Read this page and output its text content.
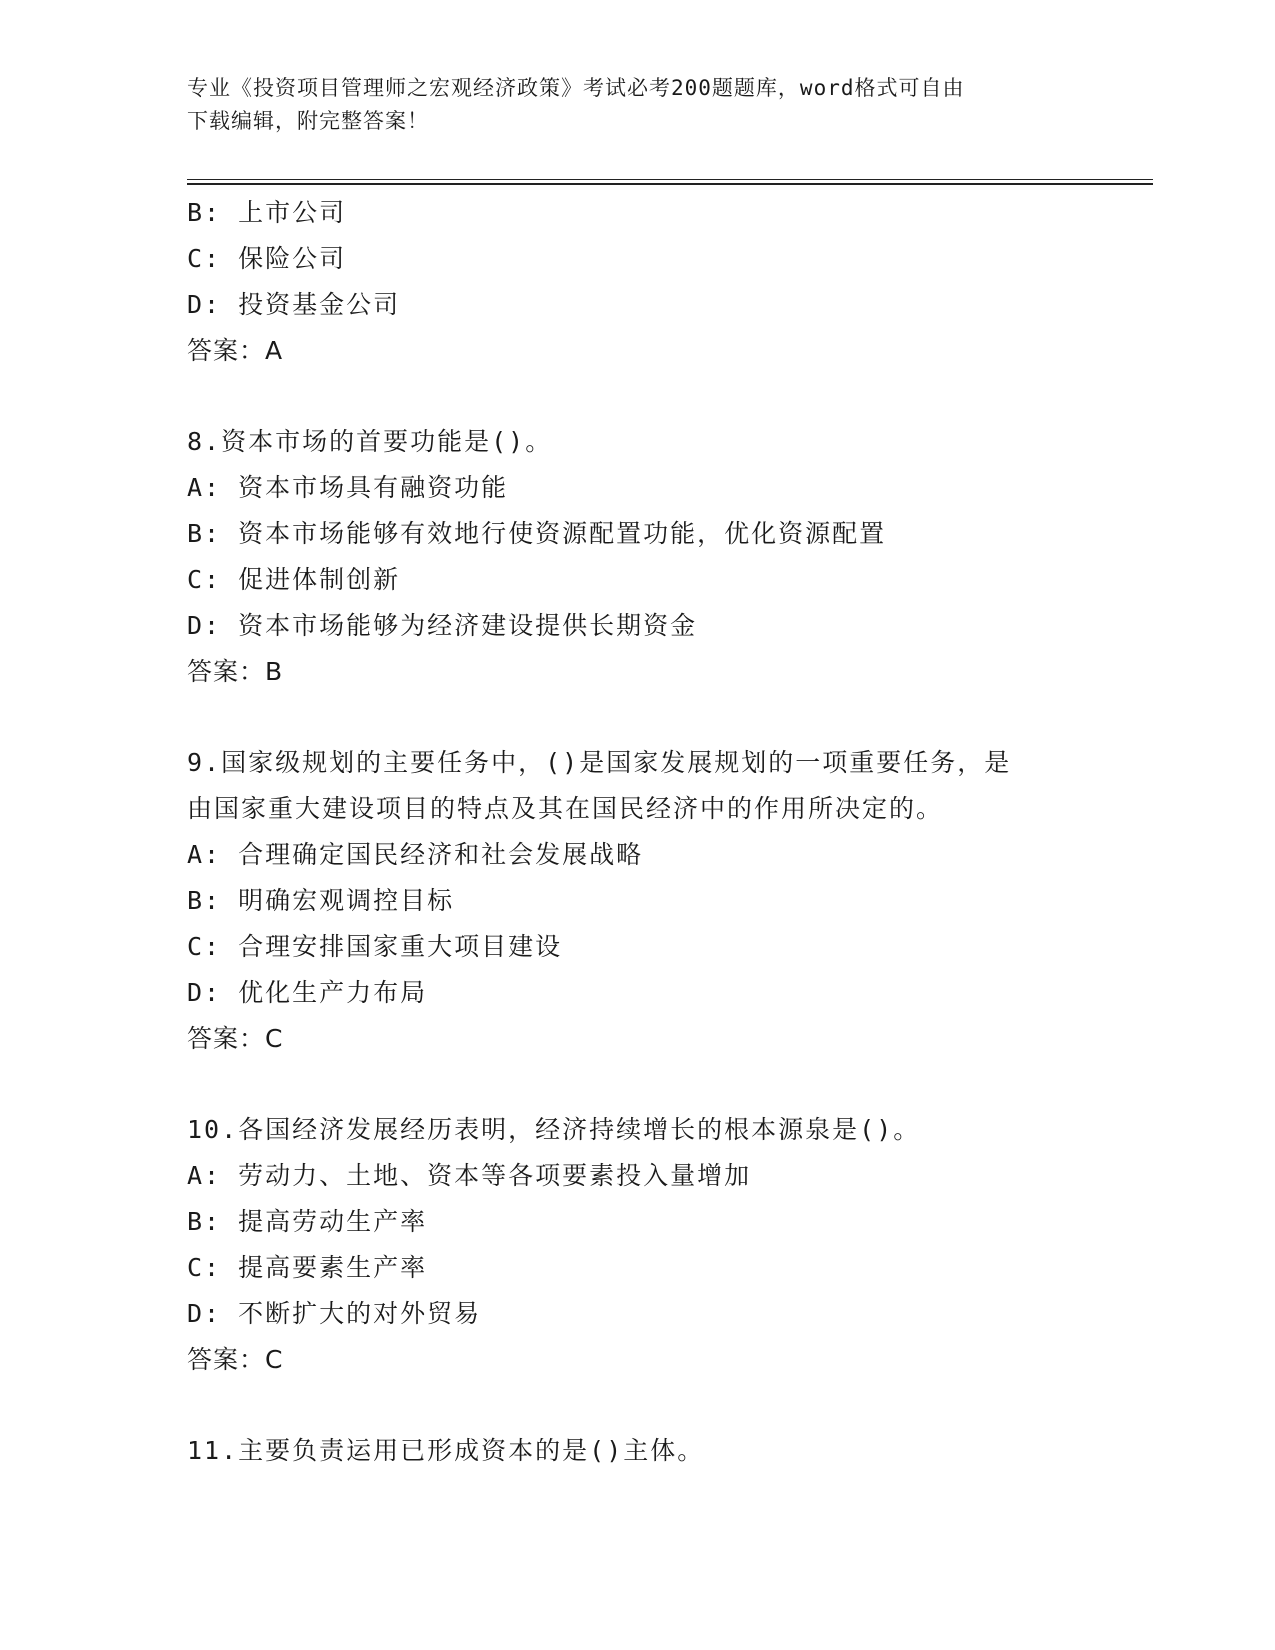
专业《投资项目管理师之宏观经济政策》考试必考200题题库，word格式可自由

下载编辑，附完整答案！

B: 上市公司
C: 保险公司
D: 投资基金公司
答案：A
8.资本市场的首要功能是()。
A: 资本市场具有融资功能
B: 资本市场能够有效地行使资源配置功能，优化资源配置
C: 促进体制创新
D: 资本市场能够为经济建设提供长期资金
答案：B
9.国家级规划的主要任务中，()是国家发展规划的一项重要任务，是
由国家重大建设项目的特点及其在国民经济中的作用所决定的。
A: 合理确定国民经济和社会发展战略
B: 明确宏观调控目标
C: 合理安排国家重大项目建设
D: 优化生产力布局
答案：C
10.各国经济发展经历表明，经济持续增长的根本源泉是()。
A: 劳动力、土地、资本等各项要素投入量增加
B: 提高劳动生产率
C: 提高要素生产率
D: 不断扩大的对外贸易
答案：C
11.主要负责运用已形成资本的是()主体。
